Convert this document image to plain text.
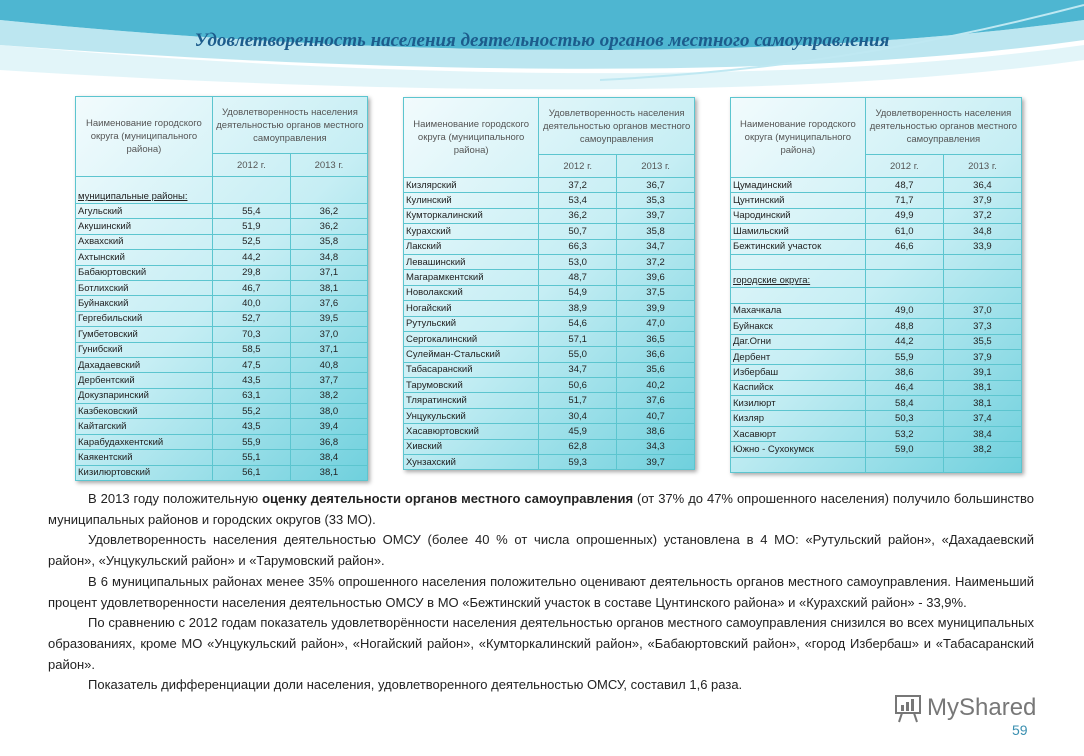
Удовлетворенность населения деятельностью органов местного самоуправления
Наименование городского округа (муниципального района)	Удовлетворенность населения деятельностью органов местного самоуправления	
	2012 г.	2013 г.
муниципальные районы:		
Агульский	55,4	36,2
Акушинский	51,9	36,2
Ахвахский	52,5	35,8
Ахтынский	44,2	34,8
Бабаюртовский	29,8	37,1
Ботлихский	46,7	38,1
Буйнакский	40,0	37,6
Гергебильский	52,7	39,5
Гумбетовский	70,3	37,0
Гунибский	58,5	37,1
Дахадаевский	47,5	40,8
Дербентский	43,5	37,7
Докузпаринский	63,1	38,2
Казбековский	55,2	38,0
Кайтагский	43,5	39,4
Карабудахкентский	55,9	36,8
Каякентский	55,1	38,4
Кизилюртовский	56,1	38,1
Наименование городского округа (муниципального района)	Удовлетворенность населения деятельностью органов местного самоуправления	
	2012 г.	2013 г.
Кизлярский	37,2	36,7
Кулинский	53,4	35,3
Кумторкалинский	36,2	39,7
Курахский	50,7	35,8
Лакский	66,3	34,7
Левашинский	53,0	37,2
Магарамкентский	48,7	39,6
Новолакский	54,9	37,5
Ногайский	38,9	39,9
Рутульский	54,6	47,0
Сергокалинский	57,1	36,5
Сулейман-Стальский	55,0	36,6
Табасаранский	34,7	35,6
Тарумовский	50,6	40,2
Тляратинский	51,7	37,6
Унцукульский	30,4	40,7
Хасавюртовский	45,9	38,6
Хивский	62,8	34,3
Хунзахский	59,3	39,7
Наименование городского округа (муниципального района)	Удовлетворенность населения деятельностью органов местного самоуправления	
	2012 г.	2013 г.
Цумадинский	48,7	36,4
Цунтинский	71,7	37,9
Чародинский	49,9	37,2
Шамильский	61,0	34,8
Бежтинский участок	46,6	33,9

городские округа:		

Махачкала	49,0	37,0
Буйнакск	48,8	37,3
Даг.Огни	44,2	35,5
Дербент	55,9	37,9
Избербаш	38,6	39,1
Каспийск	46,4	38,1
Кизилюрт	58,4	38,1
Кизляр	50,3	37,4
Хасавюрт	53,2	38,4
Южно - Сухокумск	59,0	38,2

В 2013 году положительную оценку деятельности органов местного самоуправления (от 37% до 47% опрошенного населения) получило большинство муниципальных районов и городских округов (33 МО).

Удовлетворенность населения деятельностью ОМСУ (более 40 % от числа опрошенных) установлена в 4 МО: «Рутульский район», «Дахадаевский район», «Унцукульский район» и «Тарумовский район».

В 6 муниципальных районах менее 35% опрошенного населения положительно оценивают деятельность органов местного самоуправления. Наименьший процент удовлетворенности населения деятельностью ОМСУ в МО «Бежтинский участок в составе Цунтинского района» и «Курахский район» - 33,9%.

По сравнению с 2012 годам показатель удовлетворённости населения деятельностью органов местного самоуправления снизился во всех муниципальных образованиях, кроме МО «Унцукульский район», «Ногайский район», «Кумторкалинский район», «Бабаюртовский район», «город Избербаш» и «Табасаранский район».

Показатель дифференциации доли населения, удовлетворенного деятельностью ОМСУ, составил 1,6 раза.

MyShared
59
